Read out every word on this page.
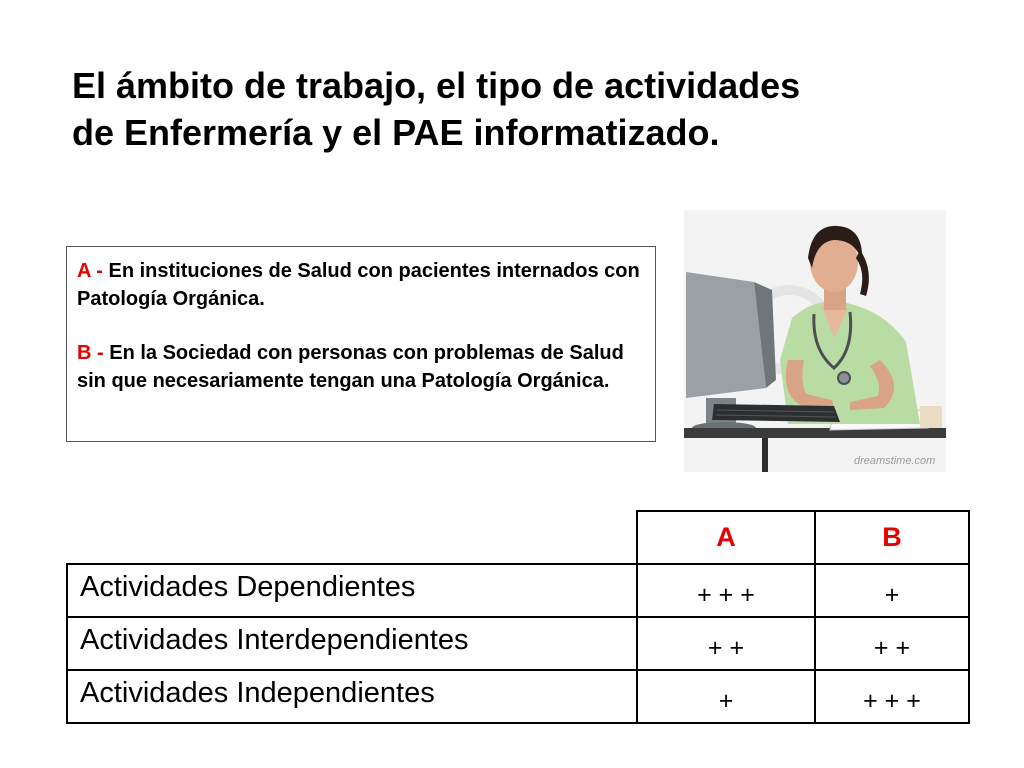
El ámbito de trabajo, el tipo de actividades
de Enfermería y el PAE informatizado.

A - En instituciones de Salud con pacientes internados con Patología Orgánica.

B - En la Sociedad con personas con problemas de Salud sin que necesariamente tengan una Patología Orgánica.

dreamstime.com
	A	B
Actividades Dependientes	+ + +	+
Actividades Interdependientes	+ +	+ +
Actividades Independientes	+	+ + +
